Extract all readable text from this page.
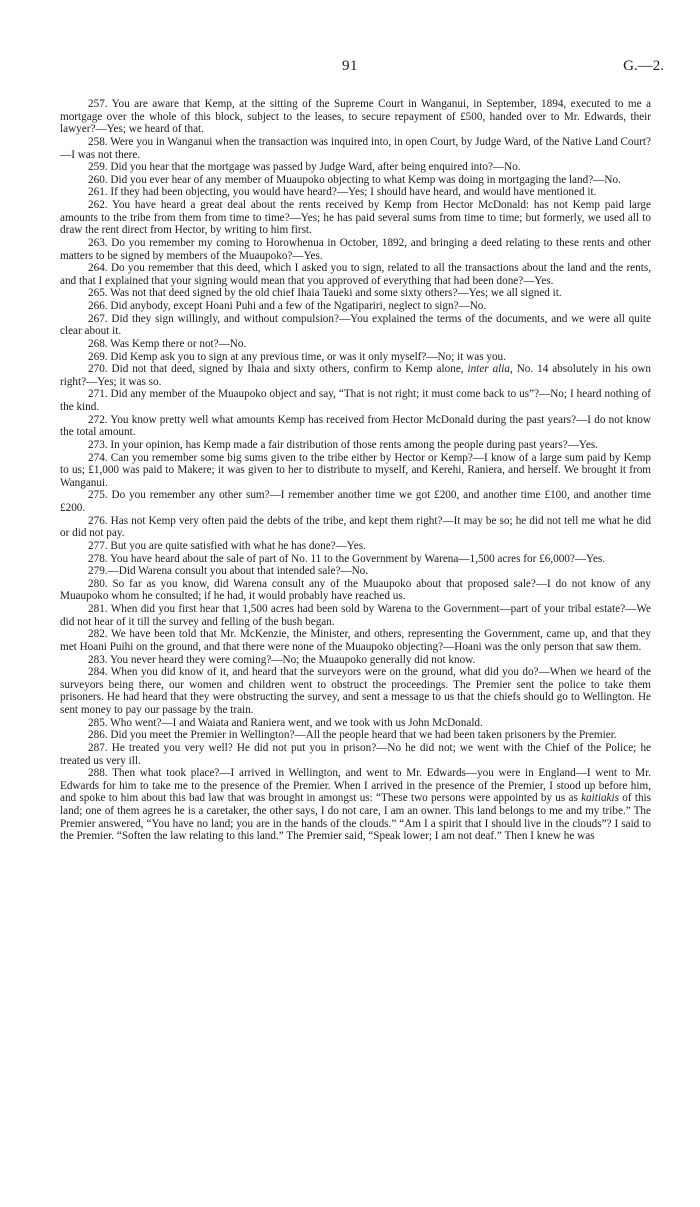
91	G.—2.

257. You are aware that Kemp, at the sitting of the Supreme Court in Wanganui, in September, 1894, executed to me a mortgage over the whole of this block, subject to the leases, to secure repayment of £500, handed over to Mr. Edwards, their lawyer?—Yes; we heard of that.

258. Were you in Wanganui when the transaction was inquired into, in open Court, by Judge Ward, of the Native Land Court?—I was not there.

259. Did you hear that the mortgage was passed by Judge Ward, after being enquired into?—No.

260. Did you ever hear of any member of Muaupoko objecting to what Kemp was doing in mortgaging the land?—No.

261. If they had been objecting, you would have heard?—Yes; I should have heard, and would have mentioned it.

262. You have heard a great deal about the rents received by Kemp from Hector McDonald: has not Kemp paid large amounts to the tribe from them from time to time?—Yes; he has paid several sums from time to time; but formerly, we used all to draw the rent direct from Hector, by writing to him first.

263. Do you remember my coming to Horowhenua in October, 1892, and bringing a deed relating to these rents and other matters to be signed by members of the Muaupoko?—Yes.

264. Do you remember that this deed, which I asked you to sign, related to all the transactions about the land and the rents, and that I explained that your signing would mean that you approved of everything that had been done?—Yes.

265. Was not that deed signed by the old chief Ihaia Taueki and some sixty others?—Yes; we all signed it.

266. Did anybody, except Hoani Puhi and a few of the Ngatipariri, neglect to sign?—No.

267. Did they sign willingly, and without compulsion?—You explained the terms of the documents, and we were all quite clear about it.

268. Was Kemp there or not?—No.

269. Did Kemp ask you to sign at any previous time, or was it only myself?—No; it was you.

270. Did not that deed, signed by Ihaia and sixty others, confirm to Kemp alone, inter alia, No. 14 absolutely in his own right?—Yes; it was so.

271. Did any member of the Muaupoko object and say, “That is not right; it must come back to us”?—No; I heard nothing of the kind.

272. You know pretty well what amounts Kemp has received from Hector McDonald during the past years?—I do not know the total amount.

273. In your opinion, has Kemp made a fair distribution of those rents among the people during past years?—Yes.

274. Can you remember some big sums given to the tribe either by Hector or Kemp?—I know of a large sum paid by Kemp to us; £1,000 was paid to Makere; it was given to her to distribute to myself, and Kerehi, Raniera, and herself. We brought it from Wanganui.

275. Do you remember any other sum?—I remember another time we got £200, and another time £100, and another time £200.

276. Has not Kemp very often paid the debts of the tribe, and kept them right?—It may be so; he did not tell me what he did or did not pay.

277. But you are quite satisfied with what he has done?—Yes.

278. You have heard about the sale of part of No. 11 to the Government by Warena—1,500 acres for £6,000?—Yes.

279.—Did Warena consult you about that intended sale?—No.

280. So far as you know, did Warena consult any of the Muaupoko about that proposed sale?—I do not know of any Muaupoko whom he consulted; if he had, it would probably have reached us.

281. When did you first hear that 1,500 acres had been sold by Warena to the Government—part of your tribal estate?—We did not hear of it till the survey and felling of the bush began.

282. We have been told that Mr. McKenzie, the Minister, and others, representing the Government, came up, and that they met Hoani Puihi on the ground, and that there were none of the Muaupoko objecting?—Hoani was the only person that saw them.

283. You never heard they were coming?—No; the Muaupoko generally did not know.

284. When you did know of it, and heard that the surveyors were on the ground, what did you do?—When we heard of the surveyors being there, our women and children went to obstruct the proceedings. The Premier sent the police to take them prisoners. He had heard that they were obstructing the survey, and sent a message to us that the chiefs should go to Wellington. He sent money to pay our passage by the train.

285. Who went?—I and Waiata and Raniera went, and we took with us John McDonald.

286. Did you meet the Premier in Wellington?—All the people heard that we had been taken prisoners by the Premier.

287. He treated you very well? He did not put you in prison?—No he did not; we went with the Chief of the Police; he treated us very ill.

288. Then what took place?—I arrived in Wellington, and went to Mr. Edwards—you were in England—I went to Mr. Edwards for him to take me to the presence of the Premier. When I arrived in the presence of the Premier, I stood up before him, and spoke to him about this bad law that was brought in amongst us: “These two persons were appointed by us as kaitiakis of this land; one of them agrees he is a caretaker, the other says, I do not care, I am an owner. This land belongs to me and my tribe.” The Premier answered, “You have no land; you are in the hands of the clouds.” “Am I a spirit that I should live in the clouds”? I said to the Premier. “Soften the law relating to this land.” The Premier said, “Speak lower; I am not deaf.” Then I knew he was
